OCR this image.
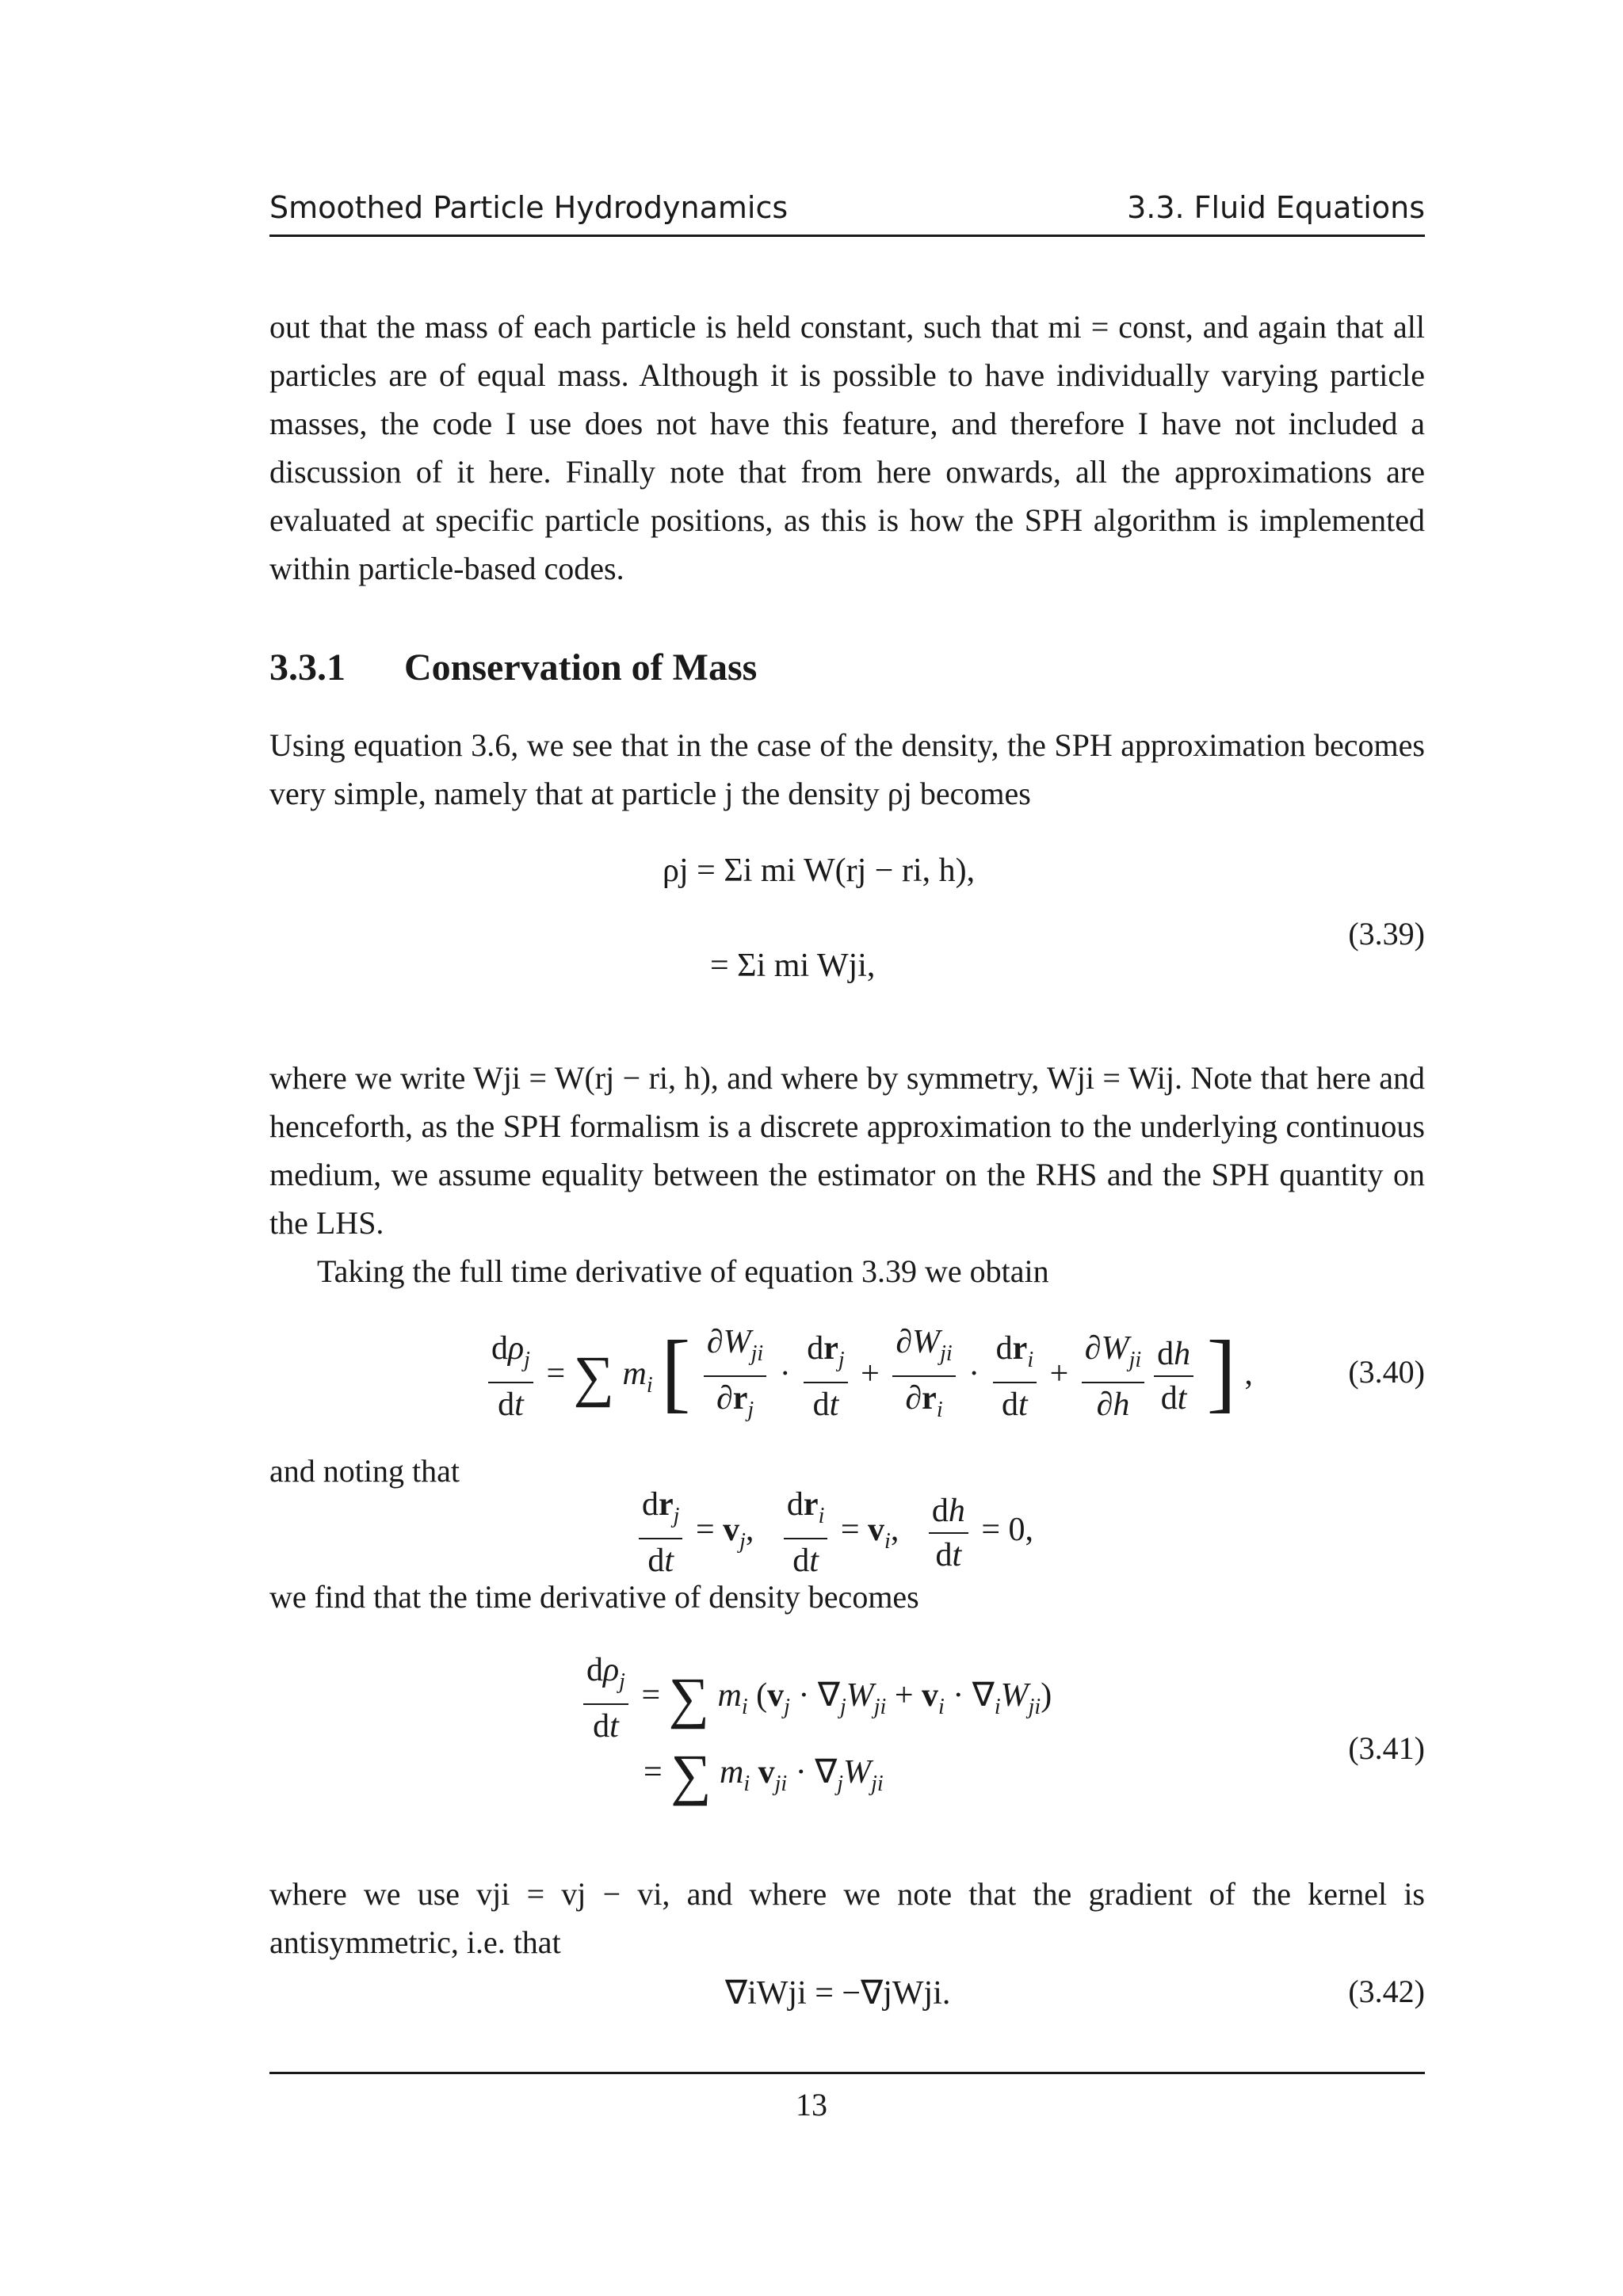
Smoothed Particle Hydrodynamics	3.3. Fluid Equations
out that the mass of each particle is held constant, such that mi = const, and again that all particles are of equal mass. Although it is possible to have individually varying particle masses, the code I use does not have this feature, and therefore I have not included a discussion of it here. Finally note that from here onwards, all the approximations are evaluated at specific particle positions, as this is how the SPH algorithm is implemented within particle-based codes.
3.3.1 Conservation of Mass
Using equation 3.6, we see that in the case of the density, the SPH approximation becomes very simple, namely that at particle j the density ρj becomes
ρj = Σi mi W(rj − ri, h),
= Σi mi Wji,
(3.39)
where we write Wji = W(rj − ri, h), and where by symmetry, Wji = Wij. Note that here and henceforth, as the SPH formalism is a discrete approximation to the underlying continuous medium, we assume equality between the estimator on the RHS and the SPH quantity on the LHS.
Taking the full time derivative of equation 3.39 we obtain
$\frac{d\rho_j}{dt}$ = ∑ $m_i$ [ $\frac{\partial W_{ji}}{\partial r_j} \cdot \frac{dr_j}{dt} + \frac{\partial W_{ji}}{\partial r_i} \cdot \frac{dr_i}{dt} + \frac{\partial W_{ji}}{\partial h} \frac{dh}{dt}$ ] ,	(3.40)
and noting that
$\frac{dr_j}{dt} = v_j$, $\frac{dr_i}{dt} = v_i$, $\frac{dh}{dt} = 0$,
we find that the time derivative of density becomes
$\frac{d\rho_j}{dt}$ = ∑ $m_i$ $(v_j \cdot \nabla_jW_{ji} + v_i \cdot \nabla_iW_{ji})$
= ∑ $m_i$ $v_{ji} \cdot \nabla_jW_{ji}$
(3.41)
where we use vji = vj − vi, and where we note that the gradient of the kernel is antisymmetric, i.e. that
∇iWji = −∇jWji.	(3.42)
13
